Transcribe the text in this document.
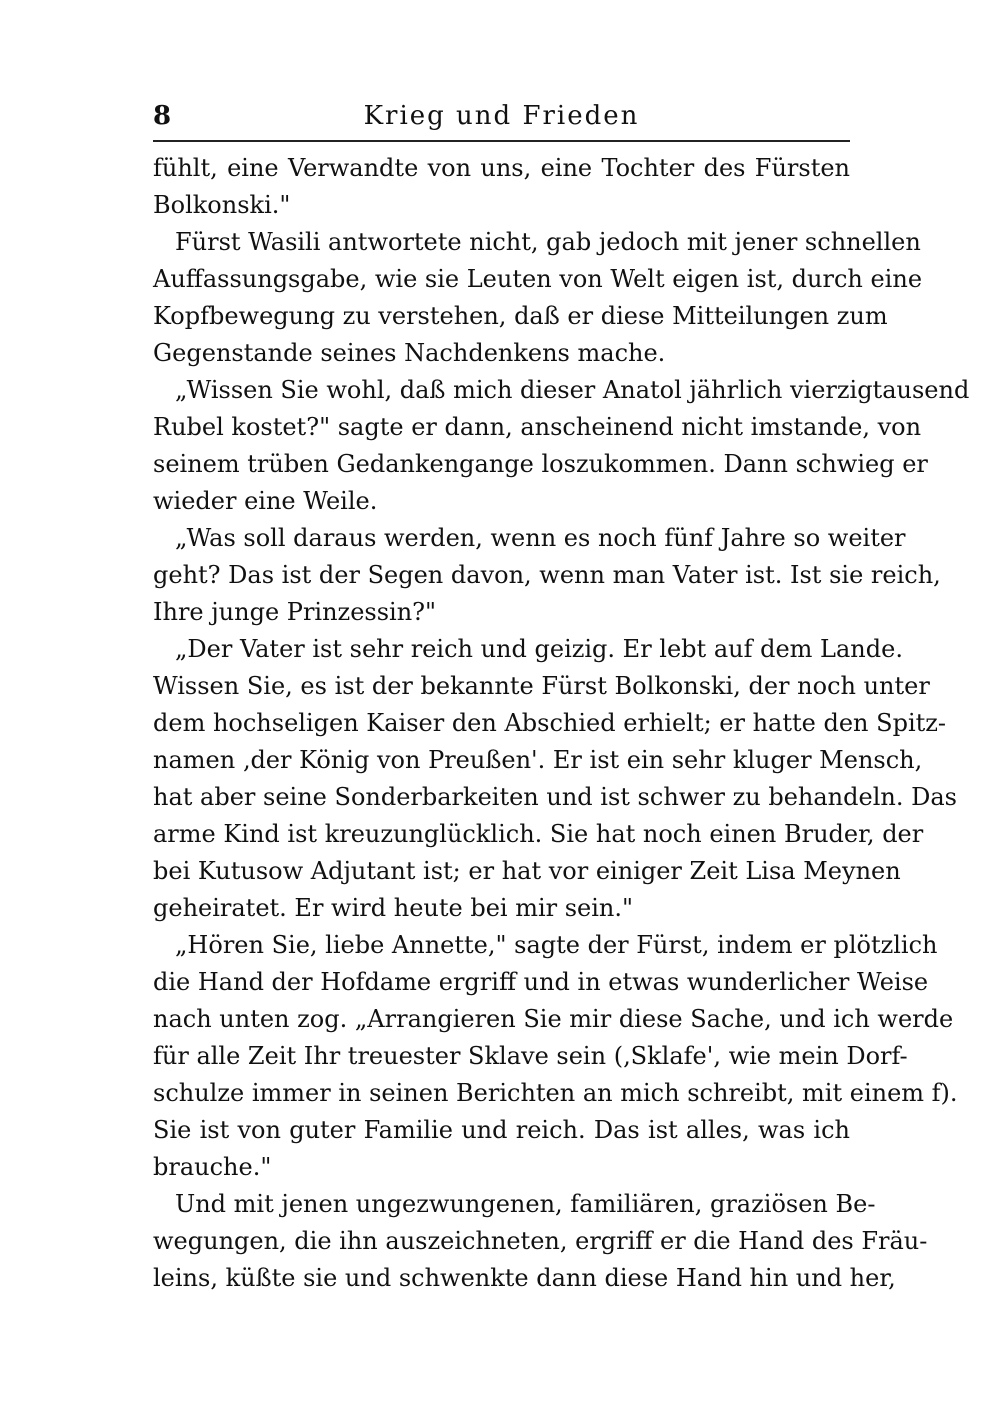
8	Krieg und Frieden
fühlt, eine Verwandte von uns, eine Tochter des Fürsten
Bolkonski."
Fürst Wasili antwortete nicht, gab jedoch mit jener schnellen
Auffassungsgabe, wie sie Leuten von Welt eigen ist, durch eine
Kopfbewegung zu verstehen, daß er diese Mitteilungen zum
Gegenstande seines Nachdenkens mache.
„Wissen Sie wohl, daß mich dieser Anatol jährlich vierzigtausend
Rubel kostet?" sagte er dann, anscheinend nicht imstande, von
seinem trüben Gedankengange loszukommen. Dann schwieg er
wieder eine Weile.
„Was soll daraus werden, wenn es noch fünf Jahre so weiter
geht? Das ist der Segen davon, wenn man Vater ist. Ist sie reich,
Ihre junge Prinzessin?"
„Der Vater ist sehr reich und geizig. Er lebt auf dem Lande.
Wissen Sie, es ist der bekannte Fürst Bolkonski, der noch unter
dem hochseligen Kaiser den Abschied erhielt; er hatte den Spitz-
namen ‚der König von Preußen'. Er ist ein sehr kluger Mensch,
hat aber seine Sonderbarkeiten und ist schwer zu behandeln. Das
arme Kind ist kreuzunglücklich. Sie hat noch einen Bruder, der
bei Kutusow Adjutant ist; er hat vor einiger Zeit Lisa Meynen
geheiratet. Er wird heute bei mir sein."
„Hören Sie, liebe Annette," sagte der Fürst, indem er plötzlich
die Hand der Hofdame ergriff und in etwas wunderlicher Weise
nach unten zog. „Arrangieren Sie mir diese Sache, und ich werde
für alle Zeit Ihr treuester Sklave sein (‚Sklafe', wie mein Dorf-
schulze immer in seinen Berichten an mich schreibt, mit einem f).
Sie ist von guter Familie und reich. Das ist alles, was ich
brauche."
Und mit jenen ungezwungenen, familiären, graziösen Be-
wegungen, die ihn auszeichneten, ergriff er die Hand des Fräu-
leins, küßte sie und schwenkte dann diese Hand hin und her,
